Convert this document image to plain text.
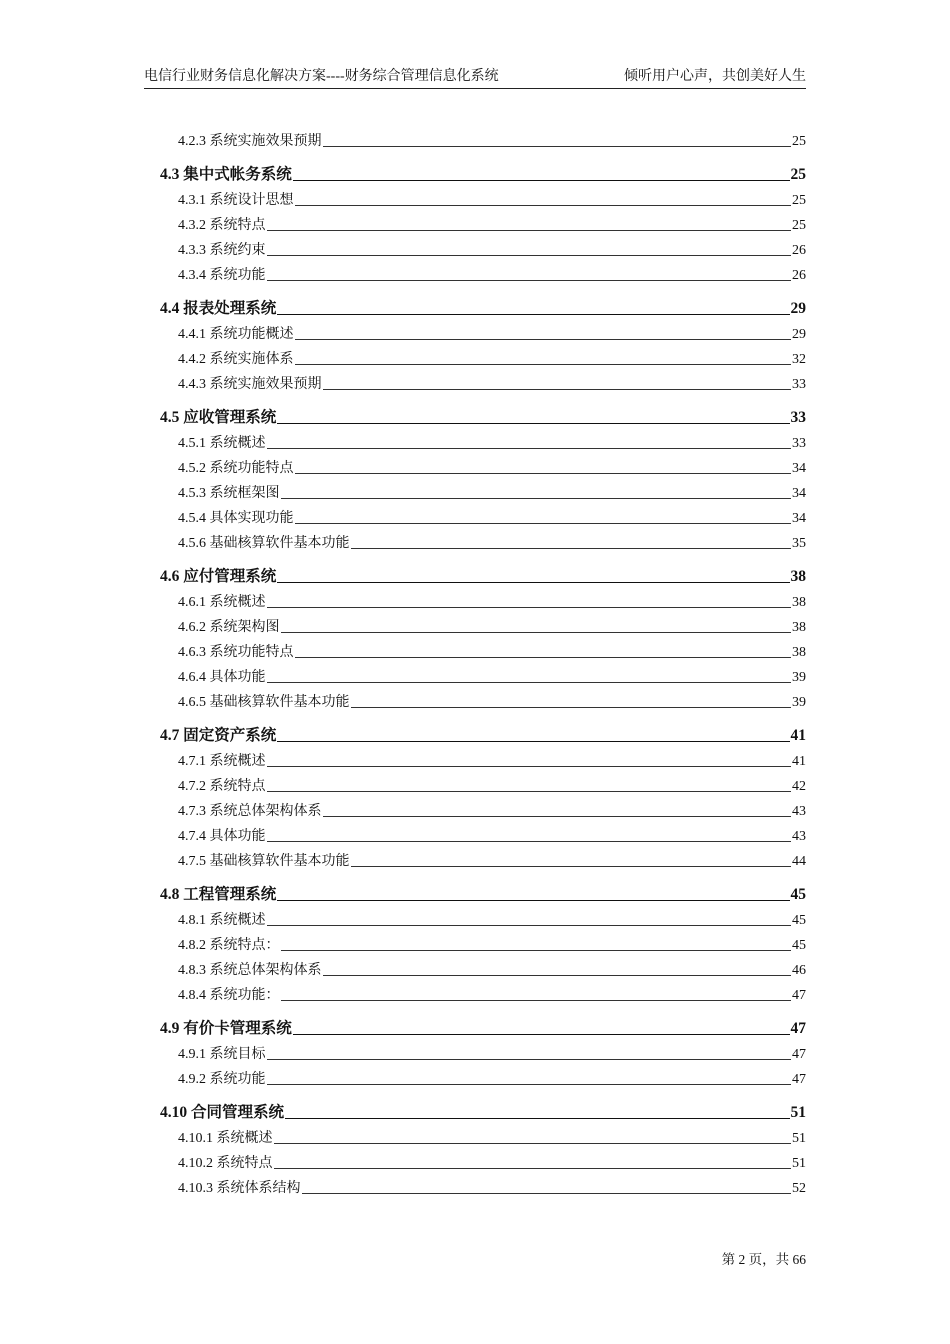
电信行业财务信息化解决方案----财务综合管理信息化系统	倾听用户心声，共创美好人生
4.2.3 系统实施效果预期	25
4.3 集中式帐务系统	25
4.3.1 系统设计思想	25
4.3.2 系统特点	25
4.3.3 系统约束	26
4.3.4 系统功能	26
4.4 报表处理系统	29
4.4.1 系统功能概述	29
4.4.2 系统实施体系	32
4.4.3 系统实施效果预期	33
4.5 应收管理系统	33
4.5.1 系统概述	33
4.5.2 系统功能特点	34
4.5.3 系统框架图	34
4.5.4 具体实现功能	34
4.5.6 基础核算软件基本功能	35
4.6 应付管理系统	38
4.6.1 系统概述	38
4.6.2 系统架构图	38
4.6.3 系统功能特点	38
4.6.4 具体功能	39
4.6.5 基础核算软件基本功能	39
4.7 固定资产系统	41
4.7.1 系统概述	41
4.7.2 系统特点	42
4.7.3 系统总体架构体系	43
4.7.4 具体功能	43
4.7.5 基础核算软件基本功能	44
4.8 工程管理系统	45
4.8.1 系统概述	45
4.8.2 系统特点：	45
4.8.3 系统总体架构体系	46
4.8.4 系统功能：	47
4.9 有价卡管理系统	47
4.9.1 系统目标	47
4.9.2 系统功能	47
4.10 合同管理系统	51
4.10.1 系统概述	51
4.10.2 系统特点	51
4.10.3 系统体系结构	52
第 2 页，共 66
